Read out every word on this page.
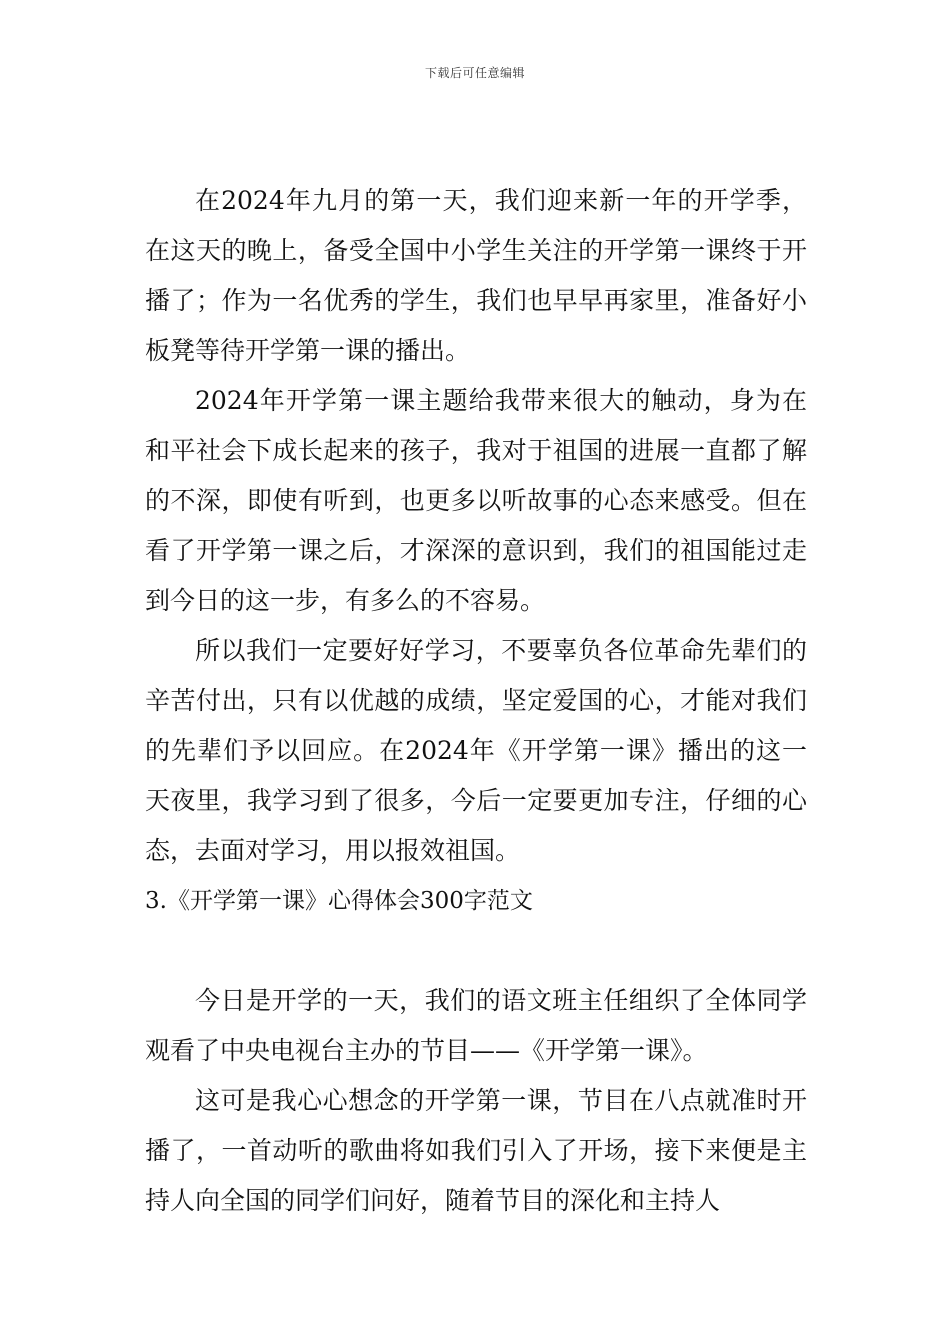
下载后可任意编辑

在2024年九月的第一天，我们迎来新一年的开学季，在这天的晚上，备受全国中小学生关注的开学第一课终于开播了；作为一名优秀的学生，我们也早早再家里，准备好小板凳等待开学第一课的播出。

2024年开学第一课主题给我带来很大的触动，身为在和平社会下成长起来的孩子，我对于祖国的进展一直都了解的不深，即使有听到，也更多以听故事的心态来感受。但在看了开学第一课之后，才深深的意识到，我们的祖国能过走到今日的这一步，有多么的不容易。

所以我们一定要好好学习，不要辜负各位革命先辈们的辛苦付出，只有以优越的成绩，坚定爱国的心，才能对我们的先辈们予以回应。在2024年《开学第一课》播出的这一天夜里，我学习到了很多，今后一定要更加专注，仔细的心态，去面对学习，用以报效祖国。

3.《开学第一课》心得体会300字范文

今日是开学的一天，我们的语文班主任组织了全体同学观看了中央电视台主办的节目——《开学第一课》。

这可是我心心想念的开学第一课，节目在八点就准时开播了，一首动听的歌曲将如我们引入了开场，接下来便是主持人向全国的同学们问好，随着节目的深化和主持人
